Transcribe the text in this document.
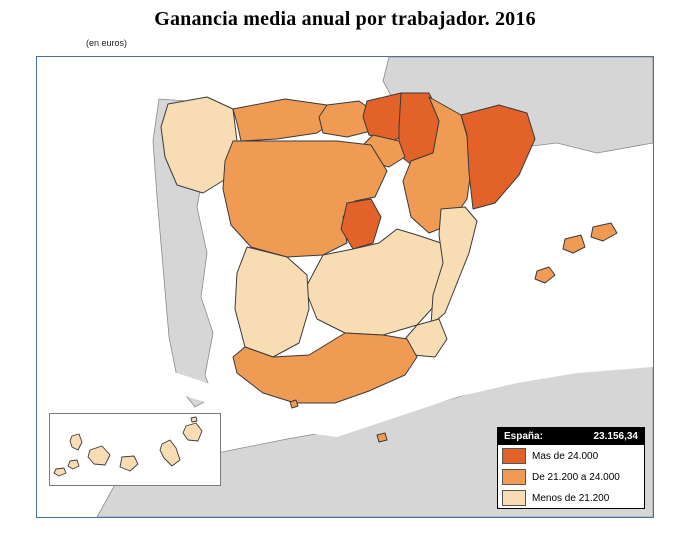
Ganancia media anual por trabajador. 2016
(en euros)
España:	23.156,34
Mas de 24.000
De 21.200 a 24.000
Menos de 21.200
